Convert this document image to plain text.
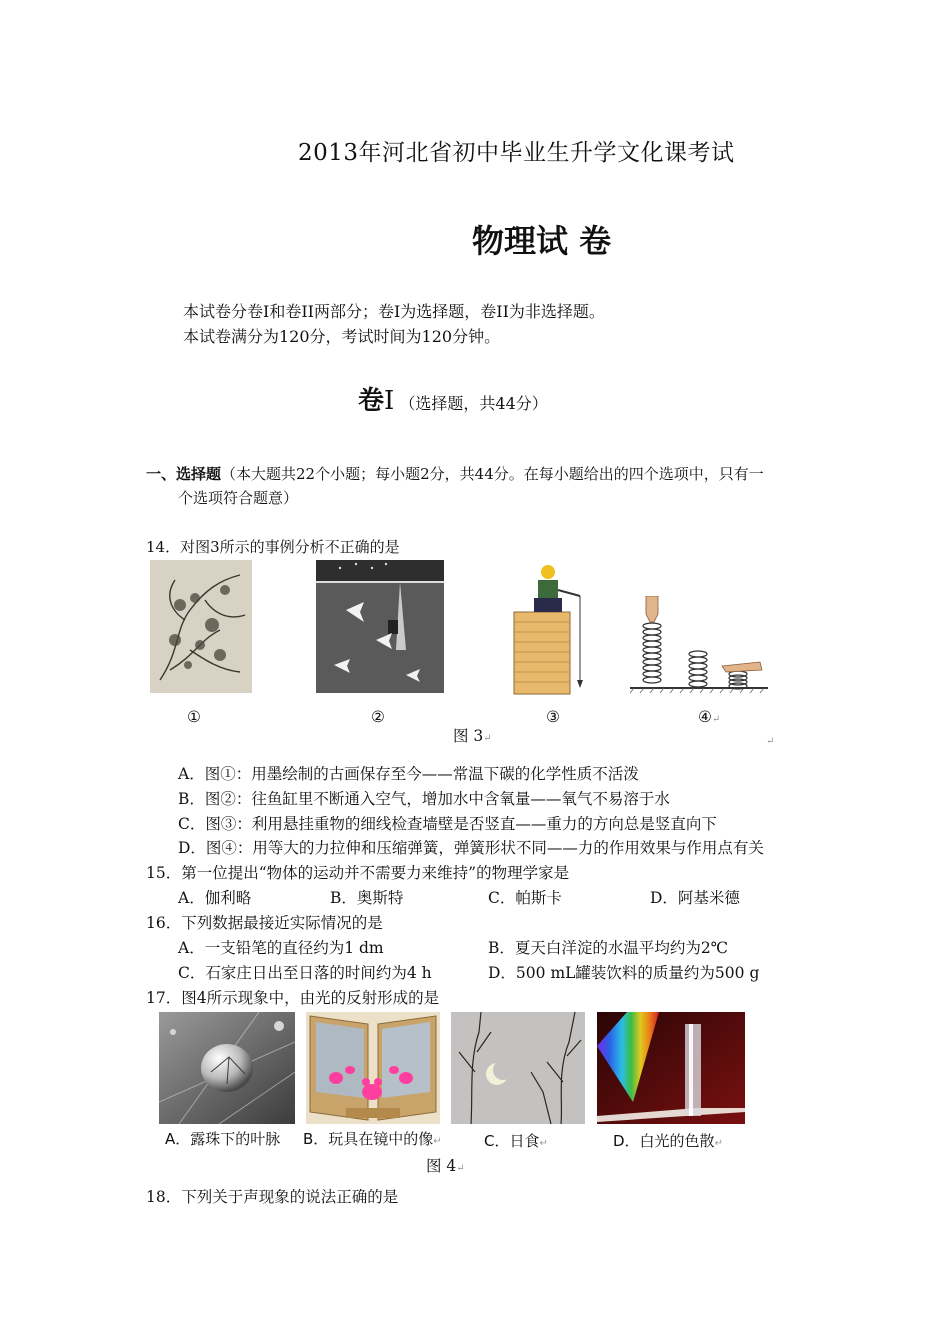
2013年河北省初中毕业生升学文化课考试
物理试 卷
本试卷分卷I和卷II两部分；卷I为选择题，卷II为非选择题。
本试卷满分为120分，考试时间为120分钟。
卷I （选择题，共44分）
一、选择题（本大题共22个小题；每小题2分，共44分。在每小题给出的四个选项中，只有一
个选项符合题意）
14．对图3所示的事例分析不正确的是
①	②	③	④↵
图 3↵	↵
A．图①：用墨绘制的古画保存至今——常温下碳的化学性质不活泼
B．图②：往鱼缸里不断通入空气，增加水中含氧量——氧气不易溶于水
C．图③：利用悬挂重物的细线检查墙壁是否竖直——重力的方向总是竖直向下
D．图④：用等大的力拉伸和压缩弹簧，弹簧形状不同——力的作用效果与作用点有关
15．第一位提出“物体的运动并不需要力来维持”的物理学家是
A．伽利略	B．奥斯特	C．帕斯卡	D．阿基米德
16．下列数据最接近实际情况的是
A．一支铅笔的直径约为1 dm	B．夏天白洋淀的水温平均约为2℃
C．石家庄日出至日落的时间约为4 h	D．500 mL罐装饮料的质量约为500 g
17．图4所示现象中，由光的反射形成的是
A．露珠下的叶脉 B．玩具在镜中的像↵	C．日食↵	D．白光的色散↵
图 4↵
18．下列关于声现象的说法正确的是
